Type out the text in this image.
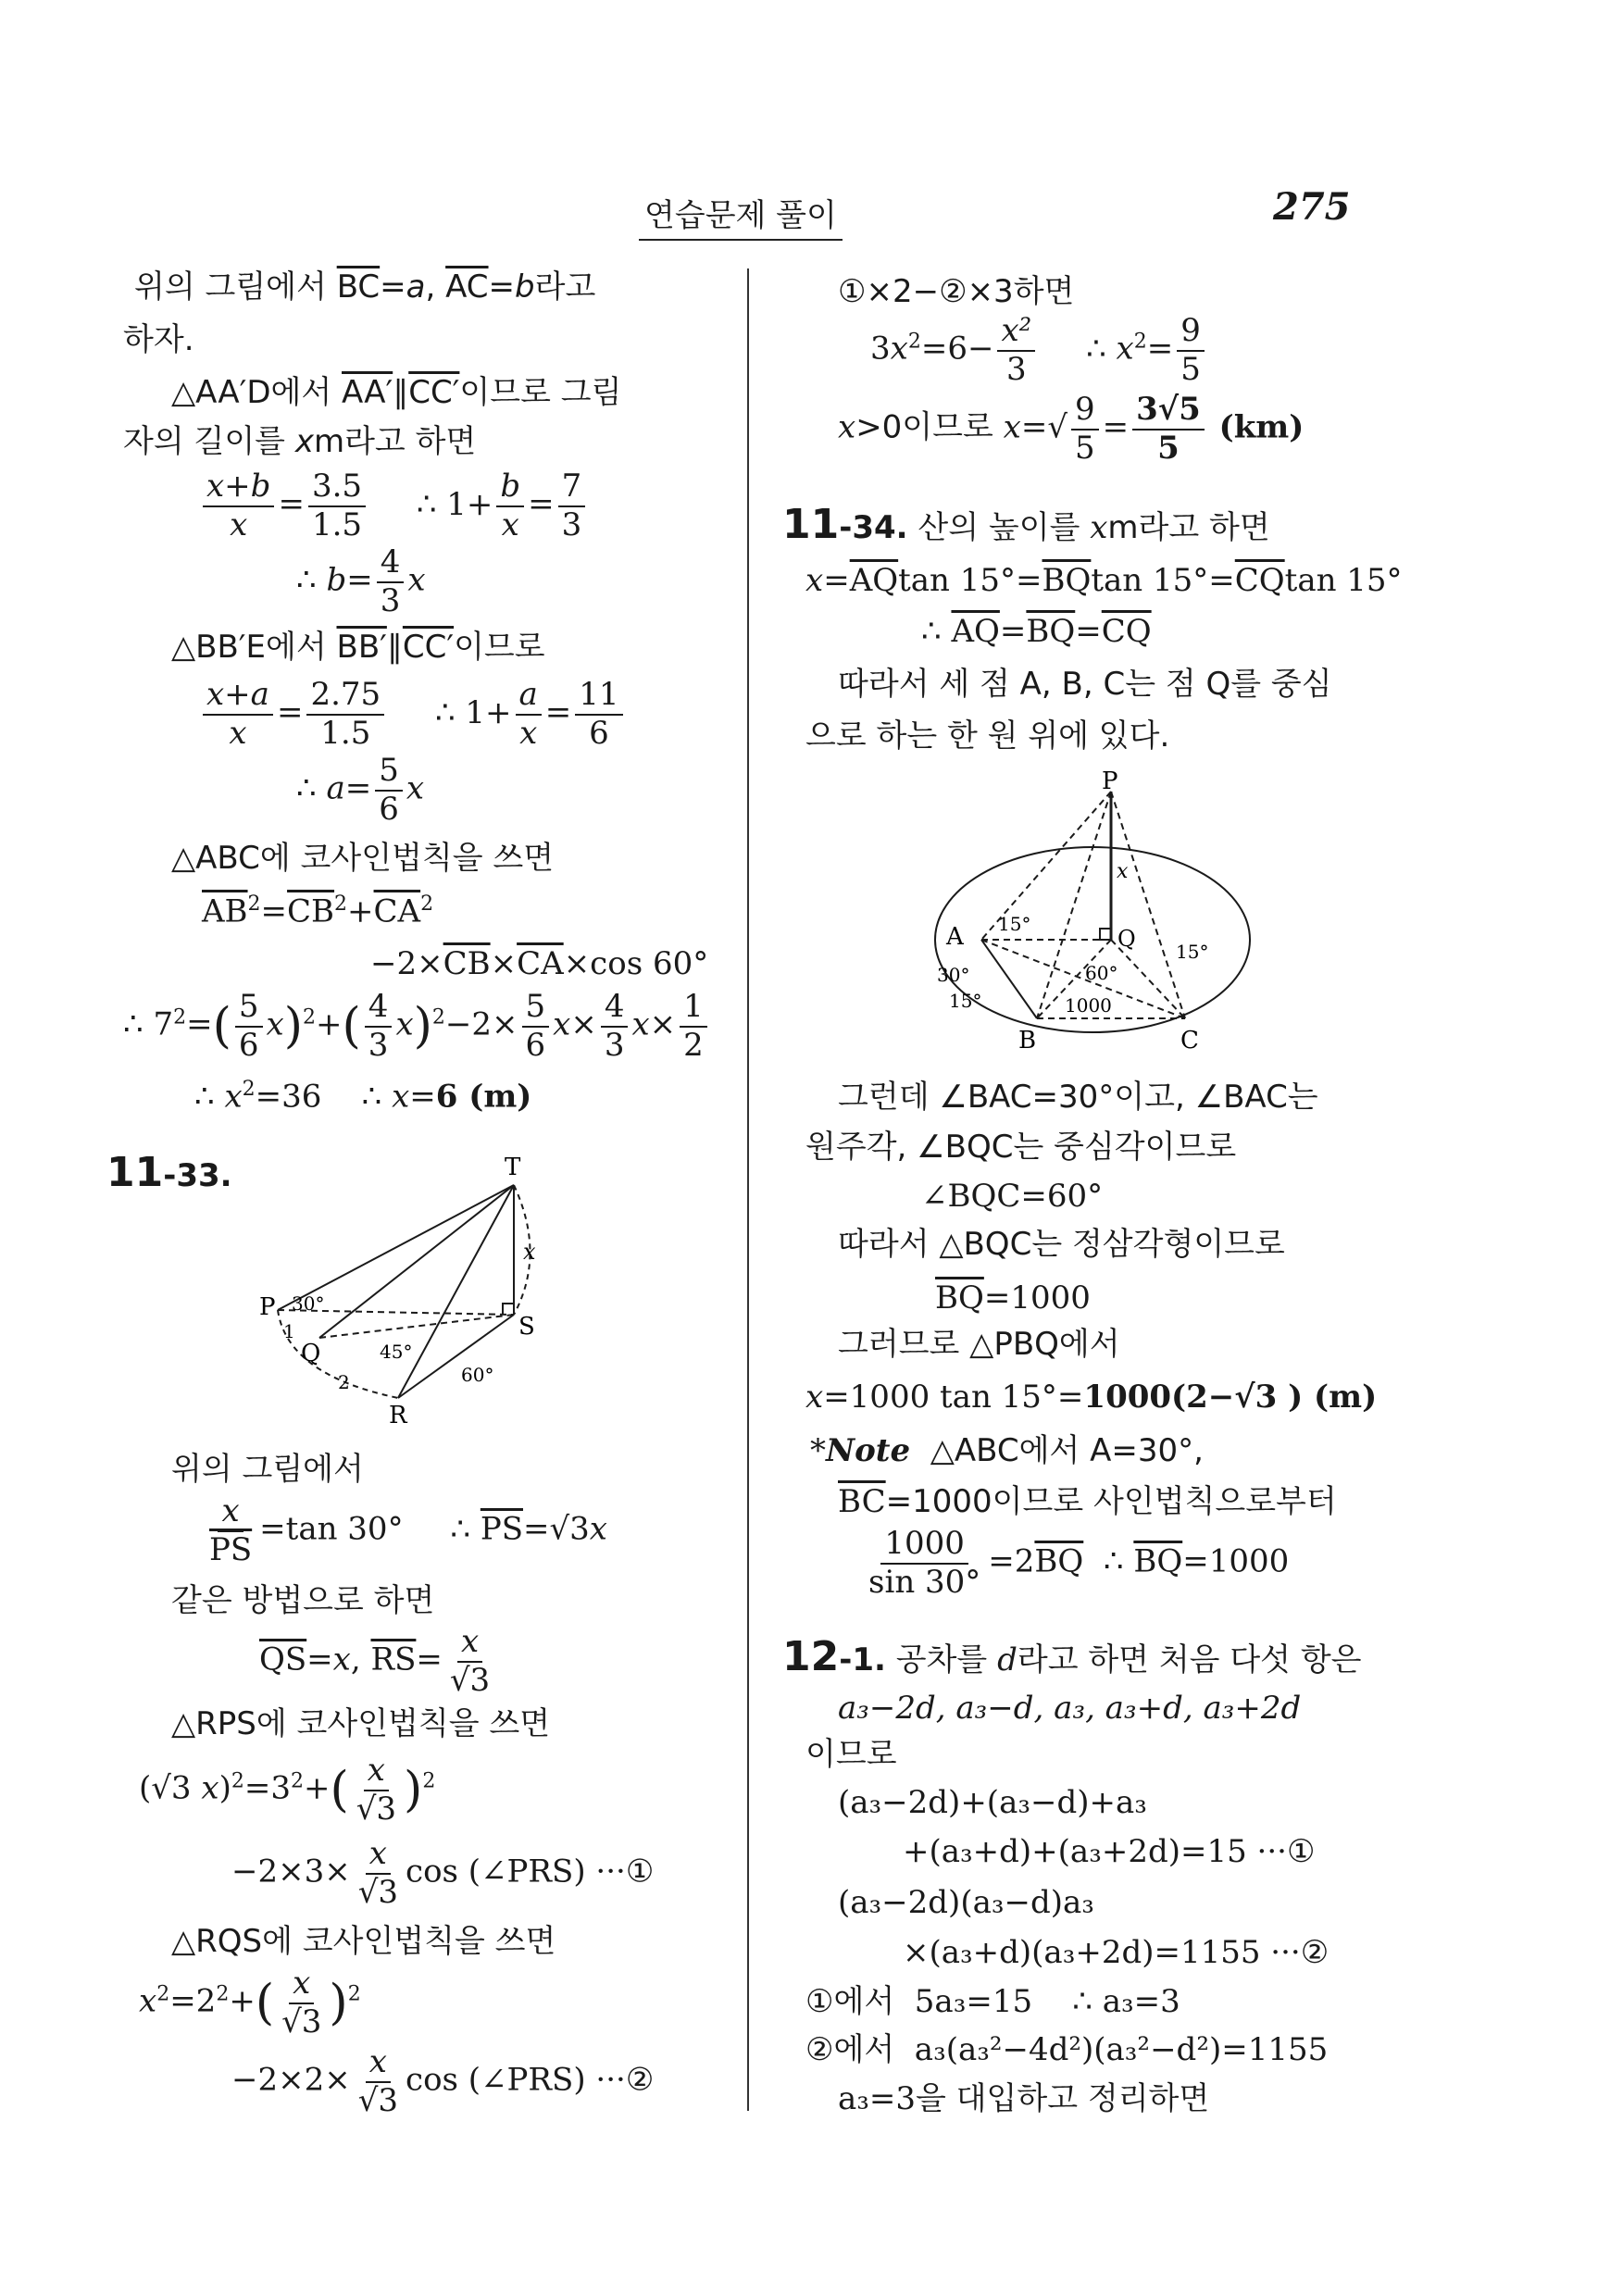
연습문제 풀이	275
위의 그림에서 $\overline{BC}=a$, $\overline{AC}=b$라고
하자.
△AA′D에서 AA′∥CC′이므로 그림
자의 길이를 xm라고 하면
$\frac{x+b}{x} = \frac{3.5}{1.5}$ ∴ $1+ \frac{b}{x} = \frac{7}{3}$
∴ $b= \frac{4}{3}$ x
△BB′E에서 BB′∥CC′이므로
$\frac{x+a}{x} = \frac{2.75}{1.5}$ ∴ $1+ \frac{a}{x} = \frac{11}{6}$
∴ $a= \frac{5}{6}$ x
△ABC에 코사인법칙을 쓰면
$\overline{AB}^2=\overline{CB}^2+\overline{CA}^2$
$-2\times\overline{CB}\times\overline{CA}\times\cos$ 60°
∴ $7^2=( \frac{5}{6} x)^2+( \frac{4}{3} x)^2-2\times \frac{5}{6} x\times \frac{4}{3} x\times \frac{1}{2}$
∴ $x^2=36$    ∴ x=6 (m)
11-33.
P
Q
R
S
T
x
30°
45°
60°
1
2
위의 그림에서
$\frac{x}{PS} =\tan$ 30° ∴ $\overline{PS}=√3x$
같은 방법으로 하면
$\overline{QS}=x$, $\overline{RS}= \frac{x}{√3}$
△RPS에 코사인법칙을 쓰면
(√3 $x)^2=3^2+( \frac{x}{√3} )^2$
$-2\times 3\times \frac{x}{√3}$ cos (∠PRS) ···①
△RQS에 코사인법칙을 쓰면
$x^2=2^2+( \frac{x}{√3} )^2$
$-2\times 2\times \frac{x}{√3}$ cos (∠PRS) ···②
①×2−②×3하면
$3x^2=6- \frac{\text{x²}}{3}$ ∴ $x^2= \frac{9}{5}$
x>0이므로 $x=√ \frac{9}{5} = \frac{3√5}{5} (km)$
11-34. 산의 높이를 xm라고 하면
$x=\overline{AQ}\tan$ $15^\circ=\overline{BQ}\tan$ $15^\circ=\overline{CQ}\tan$ 15°
∴ $\overline{AQ}=\overline{BQ}=\overline{CQ}$
따라서 세 점 A, B, C는 점 Q를 중심
으로 하는 한 원 위에 있다.
P
A
B	C
Q
x
15°
15°
15°
30°	60°
1000
그런데 ∠BAC=30°이고, ∠BAC는
원주각, ∠BQC는 중심각이므로
∠BQC=60°
따라서 △BQC는 정삼각형이므로
$\overline{BQ}=1000$
그러므로 △PBQ에서
x=1000 tan 15°=1000(2−√3 ) (m)
*Note  △ABC에서 A=30°,
$\overline{BC}=1000$이므로 사인법칙으로부터
$\frac{1000}{\sin 30^\circ} =2\overline{BQ}$  ∴ $\overline{BQ}=1000$
12-1. 공차를 d라고 하면 처음 다섯 항은
a₃−2d, a₃−d, a₃, a₃+d, a₃+2d
이므로
(a₃−2d)+(a₃−d)+a₃
+(a₃+d)+(a₃+2d)=15 ···①
(a₃−2d)(a₃−d)a₃
×(a₃+d)(a₃+2d)=1155 ···②
①에서  5a₃=15    ∴ a₃=3
②에서  a₃(a₃²−4d²)(a₃²−d²)=1155
a₃=3을 대입하고 정리하면
